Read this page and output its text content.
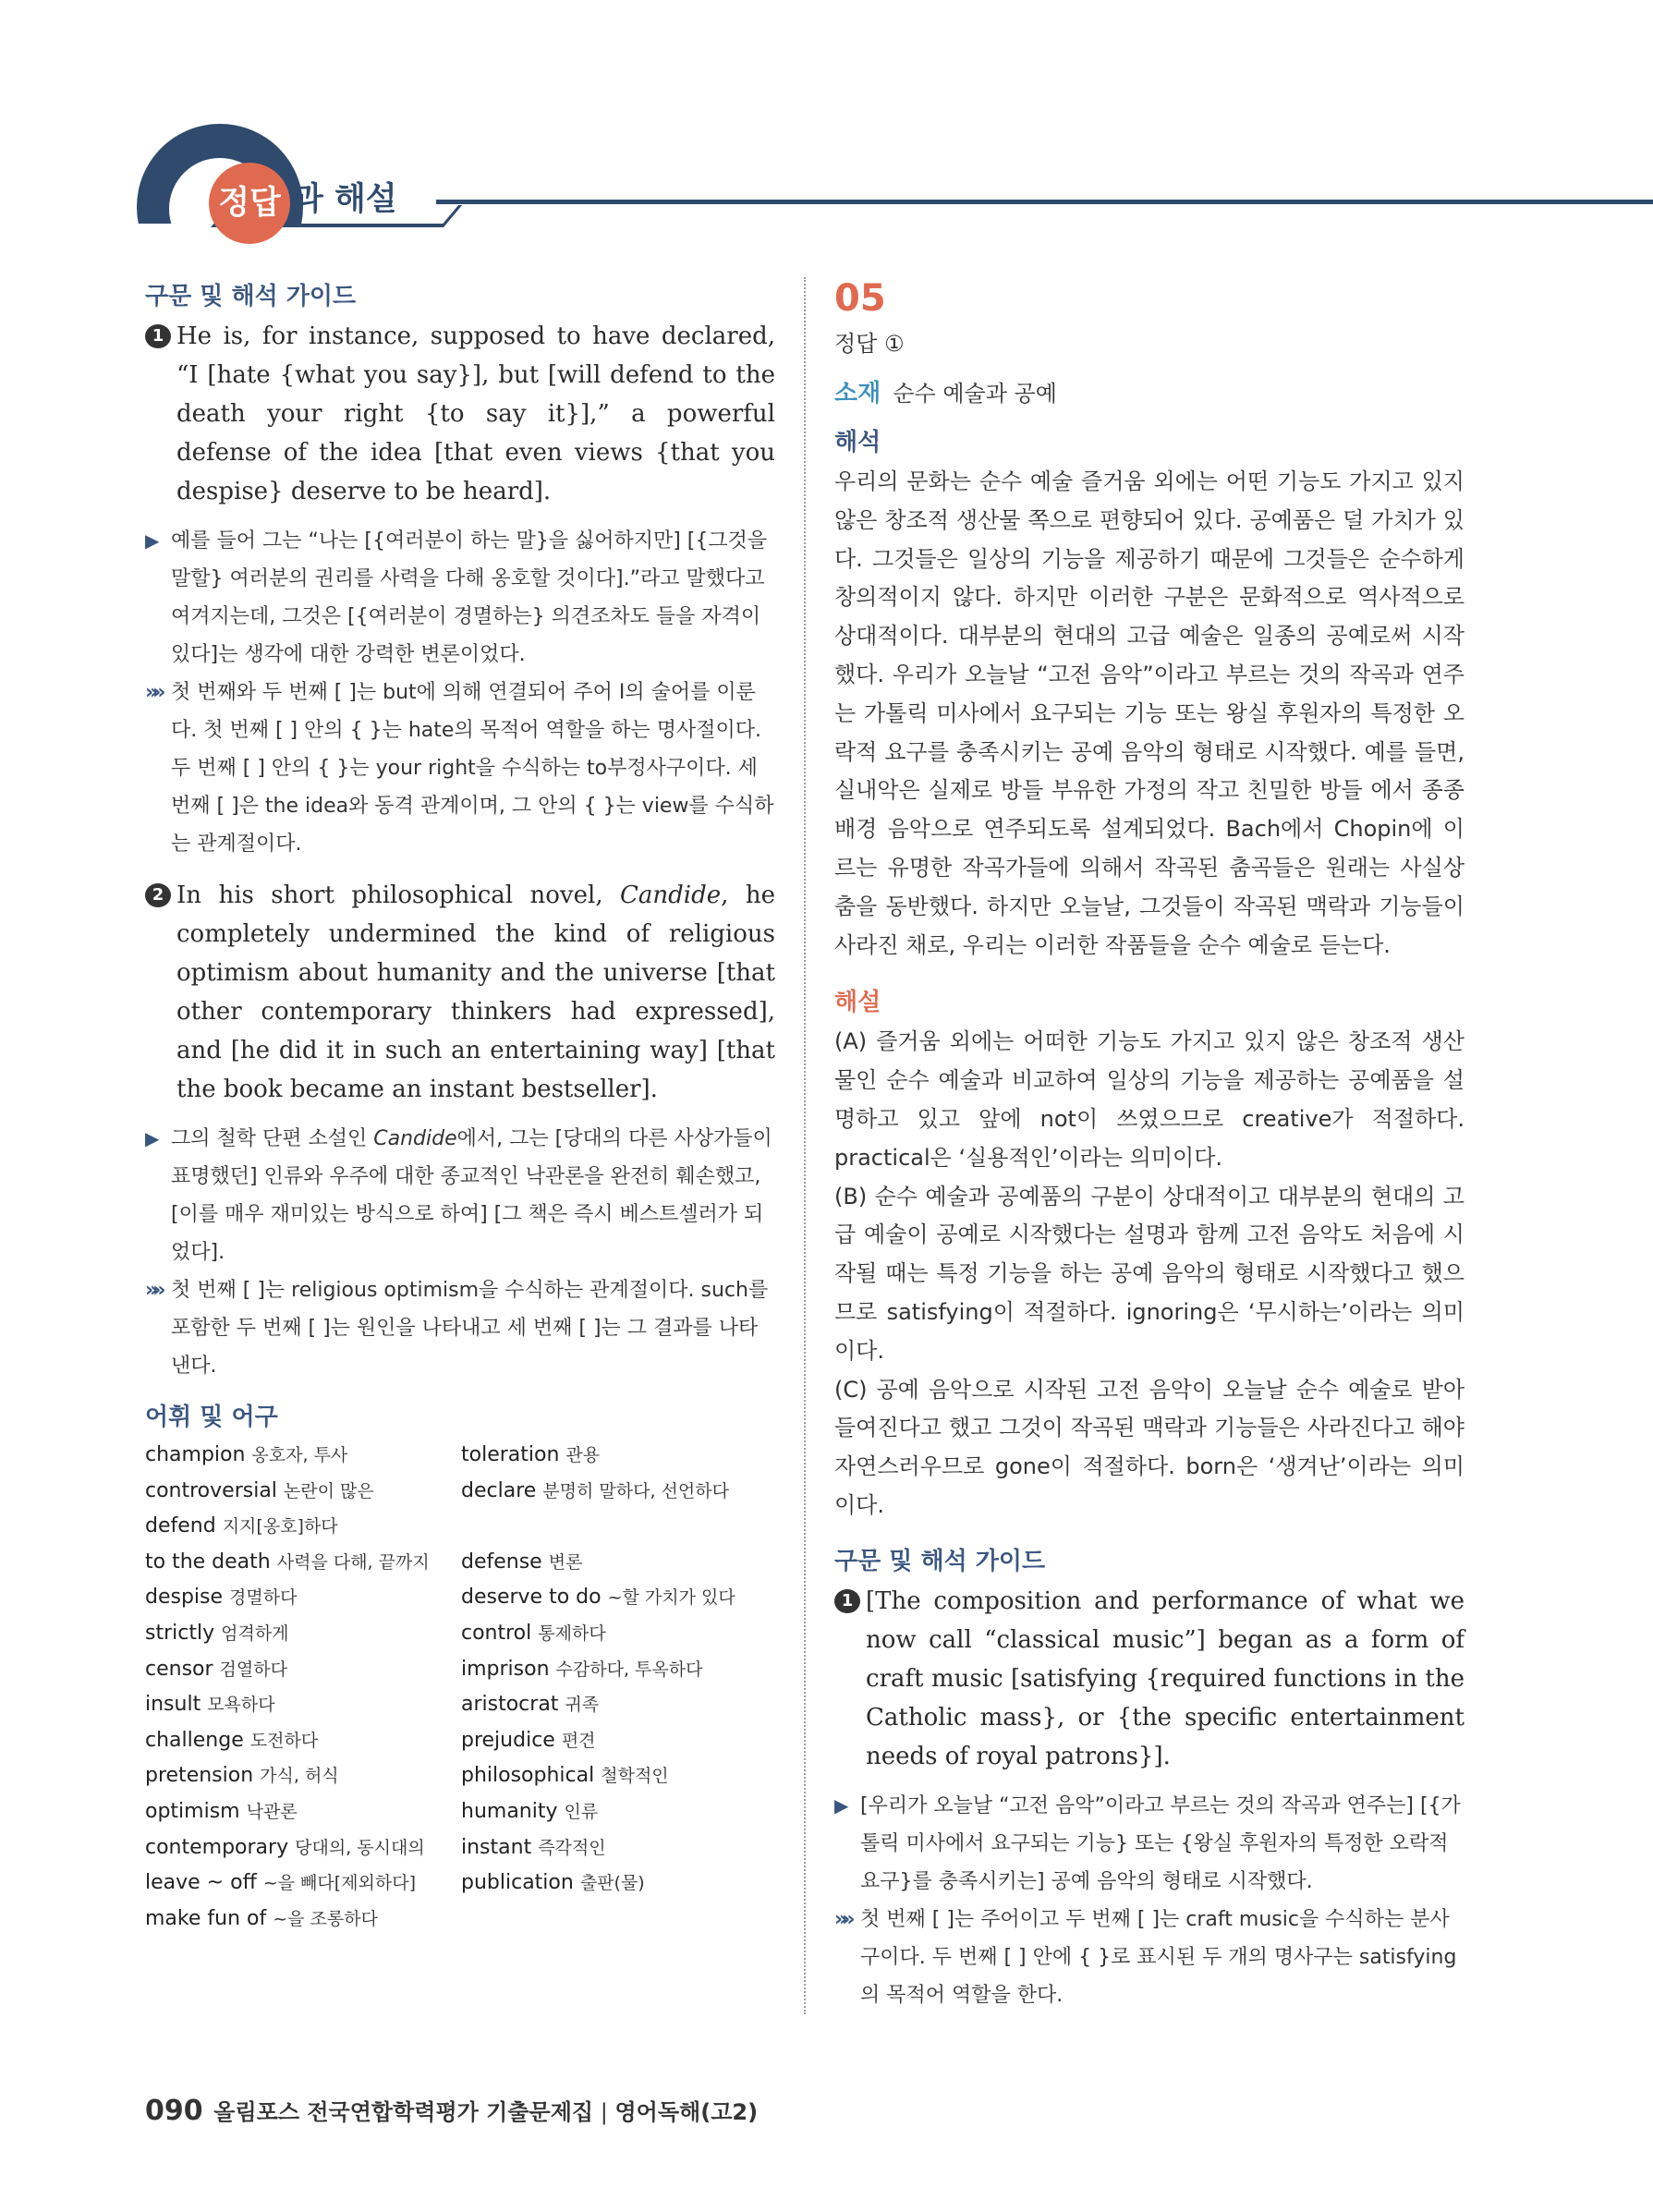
정답 과 해설
구문 및 해석 가이드
1 He is, for instance, supposed to have declared, “I [hate {what you say}], but [will defend to the death your right {to say it}],” a powerful defense of the idea [that even views {that you despise} deserve to be heard].
▶ 예를 들어 그는 “나는 [{여러분이 하는 말}을 싫어하지만] [{그것을 말할} 여러분의 권리를 사력을 다해 옹호할 것이다].”라고 말했다고 여겨지는데, 그것은 [{여러분이 경멸하는} 의견조차도 들을 자격이 있다]는 생각에 대한 강력한 변론이었다.
»» 첫 번째와 두 번째 [ ]는 but에 의해 연결되어 주어 I의 술어를 이룬다. 첫 번째 [ ] 안의 { }는 hate의 목적어 역할을 하는 명사절이다. 두 번째 [ ] 안의 { }는 your right을 수식하는 to부정사구이다. 세 번째 [ ]은 the idea와 동격 관계이며, 그 안의 { }는 view를 수식하는 관계절이다.
2 In his short philosophical novel, Candide, he completely undermined the kind of religious optimism about humanity and the universe [that other contemporary thinkers had expressed], and [he did it in such an entertaining way] [that the book became an instant bestseller].
▶ 그의 철학 단편 소설인 Candide에서, 그는 [당대의 다른 사상가들이 표명했던] 인류와 우주에 대한 종교적인 낙관론을 완전히 훼손했고, [이를 매우 재미있는 방식으로 하여] [그 책은 즉시 베스트셀러가 되었다].
»» 첫 번째 [ ]는 religious optimism을 수식하는 관계절이다. such를 포함한 두 번째 [ ]는 원인을 나타내고 세 번째 [ ]는 그 결과를 나타낸다.
어휘 및 어구
champion 옹호자, 투사	toleration 관용
controversial 논란이 많은	declare 분명히 말하다, 선언하다
defend 지지[옹호]하다
to the death 사력을 다해, 끝까지	defense 변론
despise 경멸하다	deserve to do ~할 가치가 있다
strictly 엄격하게	control 통제하다
censor 검열하다	imprison 수감하다, 투옥하다
insult 모욕하다	aristocrat 귀족
challenge 도전하다	prejudice 편견
pretension 가식, 허식	philosophical 철학적인
optimism 낙관론	humanity 인류
contemporary 당대의, 동시대의	instant 즉각적인
leave ~ off ~을 빼다[제외하다]	publication 출판(물)
make fun of ~을 조롱하다
05
정답 ①
소재 순수 예술과 공예
해석
우리의 문화는 순수 예술 즐거움 외에는 어떤 기능도 가지고 있지 않은 창조적 생산물 쪽으로 편향되어 있다. 공예품은 덜 가치가 있다. 그것들은 일상의 기능을 제공하기 때문에 그것들은 순수하게 창의적이지 않다. 하지만 이러한 구분은 문화적으로 역사적으로 상대적이다. 대부분의 현대의 고급 예술은 일종의 공예로써 시작했다. 우리가 오늘날 “고전 음악”이라고 부르는 것의 작곡과 연주는 가톨릭 미사에서 요구되는 기능 또는 왕실 후원자의 특정한 오락적 요구를 충족시키는 공예 음악의 형태로 시작했다. 예를 들면, 실내악은 실제로 방들 부유한 가정의 작고 친밀한 방들 에서 종종 배경 음악으로 연주되도록 설계되었다. Bach에서 Chopin에 이르는 유명한 작곡가들에 의해서 작곡된 춤곡들은 원래는 사실상 춤을 동반했다. 하지만 오늘날, 그것들이 작곡된 맥락과 기능들이 사라진 채로, 우리는 이러한 작품들을 순수 예술로 듣는다.
해설
(A) 즐거움 외에는 어떠한 기능도 가지고 있지 않은 창조적 생산물인 순수 예술과 비교하여 일상의 기능을 제공하는 공예품을 설명하고 있고 앞에 not이 쓰였으므로 creative가 적절하다. practical은 ‘실용적인’이라는 의미이다.
(B) 순수 예술과 공예품의 구분이 상대적이고 대부분의 현대의 고급 예술이 공예로 시작했다는 설명과 함께 고전 음악도 처음에 시작될 때는 특정 기능을 하는 공예 음악의 형태로 시작했다고 했으므로 satisfying이 적절하다. ignoring은 ‘무시하는’이라는 의미이다.
(C) 공예 음악으로 시작된 고전 음악이 오늘날 순수 예술로 받아들여진다고 했고 그것이 작곡된 맥락과 기능들은 사라진다고 해야 자연스러우므로 gone이 적절하다. born은 ‘생겨난’이라는 의미이다.
구문 및 해석 가이드
1 [The composition and performance of what we now call “classical music”] began as a form of craft music [satisfying {required functions in the Catholic mass}, or {the specific entertainment needs of royal patrons}].
▶ [우리가 오늘날 “고전 음악”이라고 부르는 것의 작곡과 연주는] [{가톨릭 미사에서 요구되는 기능} 또는 {왕실 후원자의 특정한 오락적 요구}를 충족시키는] 공예 음악의 형태로 시작했다.
»» 첫 번째 [ ]는 주어이고 두 번째 [ ]는 craft music을 수식하는 분사구이다. 두 번째 [ ] 안에 { }로 표시된 두 개의 명사구는 satisfying의 목적어 역할을 한다.
090 올림포스 전국연합학력평가 기출문제집 | 영어독해(고2)
